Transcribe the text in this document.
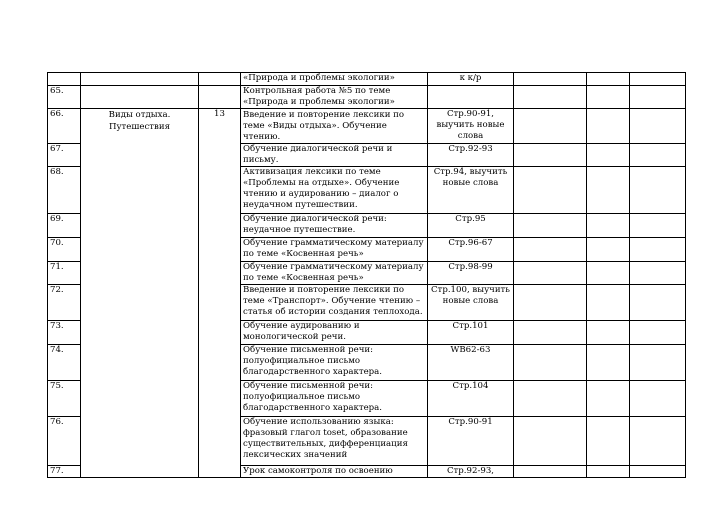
			«Природа и проблемы экологии»	к к/р			
65.			Контрольная работа №5 по теме «Природа и проблемы экологии»				
66.	Виды отдыха. Путешествия	13	Введение и повторение лексики по теме «Виды отдыха». Обучение чтению.	Стр.90-91, выучить новые слова			
67.			Обучение диалогической речи и письму.	Стр.92-93			
68.			Активизация лексики по теме «Проблемы на отдыхе». Обучение чтению и аудированию – диалог о неудачном путешествии.	Стр.94, выучить новые слова			
69.			Обучение диалогической речи: неудачное путешествие.	Стр.95			
70.			Обучение грамматическому материалу по теме «Косвенная речь»	Стр.96-67			
71.			Обучение грамматическому материалу по теме «Косвенная речь»	Стр.98-99			
72.			Введение и повторение лексики по теме «Транспорт». Обучение чтению – статья об истории создания теплохода.	Стр.100, выучить новые слова			
73.			Обучение аудированию и монологической речи.	Стр.101			
74.			Обучение письменной речи: полуофициальное письмо благодарственного характера.	WB62-63			
75.			Обучение письменной речи: полуофициальное письмо благодарственного характера.	Стр.104			
76.			Обучение использованию языка: фразовый глагол toset, образование существительных, дифференциация лексических значений	Стр.90-91			
77.			Урок самоконтроля по освоению	Стр.92-93,			
